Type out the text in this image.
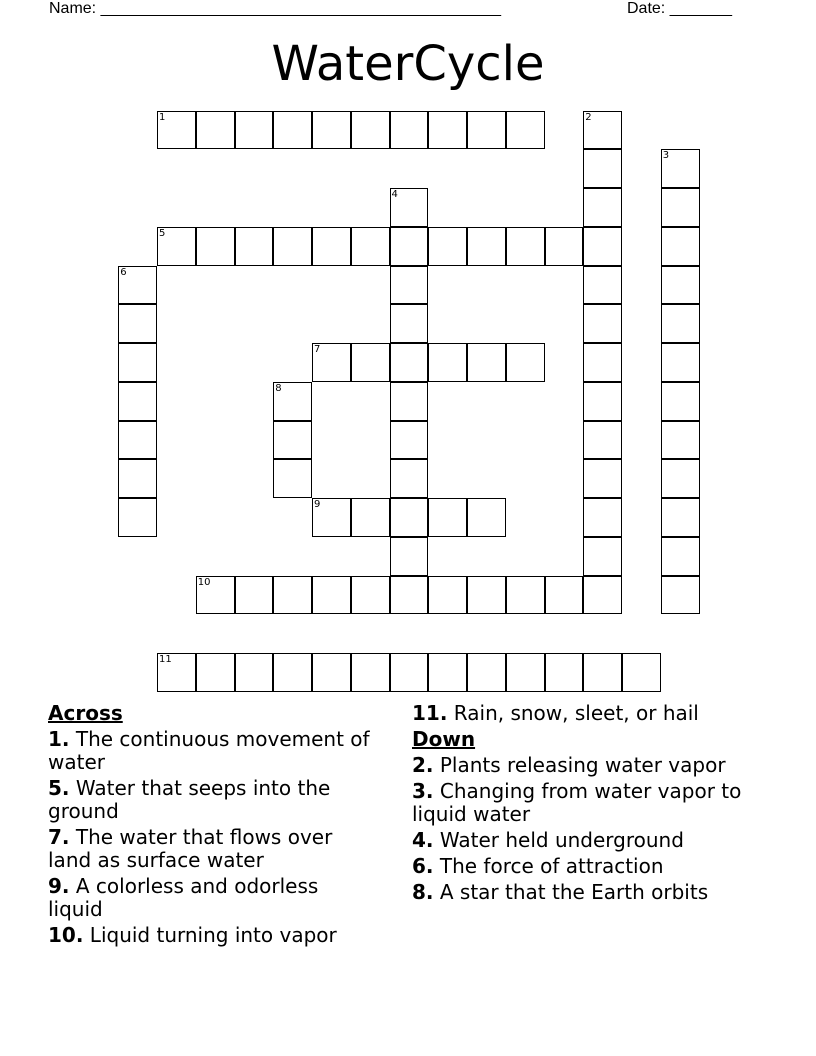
Name: _____________________________________________	Date: _______
WaterCycle
1	2
3
4
5
6
7
8
9
10
11
Across
1. The continuous movement of water
5. Water that seeps into the ground
7. The water that flows over land as surface water
9. A colorless and odorless liquid
10. Liquid turning into vapor
11. Rain, snow, sleet, or hail
Down
2. Plants releasing water vapor
3. Changing from water vapor to liquid water
4. Water held underground
6. The force of attraction
8. A star that the Earth orbits
